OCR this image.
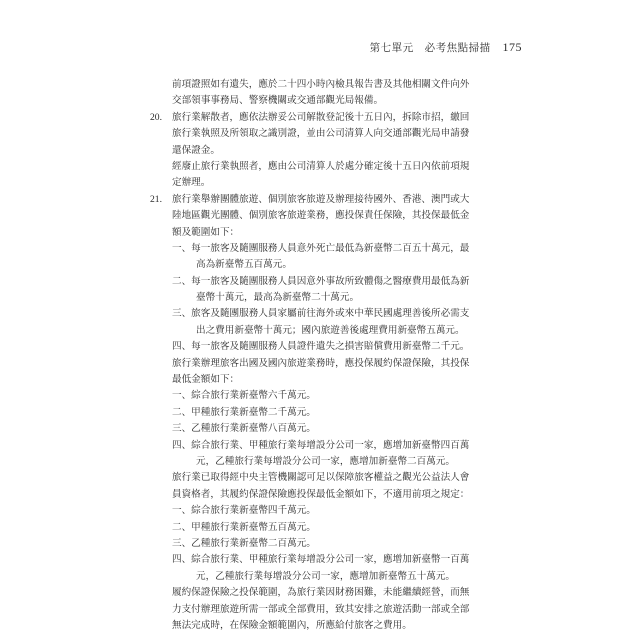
第七單元　必考焦點掃描 175
前項證照如有遺失，應於二十四小時內檢具報告書及其他相關文件向外
交部領事事務局、警察機關或交通部觀光局報備。
20. 旅行業解散者，應依法辦妥公司解散登記後十五日內，拆除市招，繳回
旅行業執照及所領取之識別證，並由公司清算人向交通部觀光局申請發
還保證金。
經廢止旅行業執照者，應由公司清算人於處分確定後十五日內依前項規
定辦理。
21. 旅行業舉辦團體旅遊、個別旅客旅遊及辦理接待國外、香港、澳門或大
陸地區觀光團體、個別旅客旅遊業務，應投保責任保險，其投保最低金
額及範圍如下：
一、每一旅客及隨團服務人員意外死亡最低為新臺幣二百五十萬元，最
高為新臺幣五百萬元。
二、每一旅客及隨團服務人員因意外事故所致體傷之醫療費用最低為新
臺幣十萬元，最高為新臺幣二十萬元。
三、旅客及隨團服務人員家屬前往海外或來中華民國處理善後所必需支
出之費用新臺幣十萬元；國內旅遊善後處理費用新臺幣五萬元。
四、每一旅客及隨團服務人員證件遺失之損害賠償費用新臺幣二千元。
旅行業辦理旅客出國及國內旅遊業務時，應投保履約保證保險，其投保
最低金額如下：
一、綜合旅行業新臺幣六千萬元。
二、甲種旅行業新臺幣二千萬元。
三、乙種旅行業新臺幣八百萬元。
四、綜合旅行業、甲種旅行業每增設分公司一家，應增加新臺幣四百萬
元，乙種旅行業每增設分公司一家，應增加新臺幣二百萬元。
旅行業已取得經中央主管機關認可足以保障旅客權益之觀光公益法人會
員資格者，其履約保證保險應投保最低金額如下，不適用前項之規定：
一、綜合旅行業新臺幣四千萬元。
二、甲種旅行業新臺幣五百萬元。
三、乙種旅行業新臺幣二百萬元。
四、綜合旅行業、甲種旅行業每增設分公司一家，應增加新臺幣一百萬
元，乙種旅行業每增設分公司一家，應增加新臺幣五十萬元。
履約保證保險之投保範圍，為旅行業因財務困難，未能繼續經營，而無
力支付辦理旅遊所需一部或全部費用，致其安排之旅遊活動一部或全部
無法完成時，在保險金額範圍內，所應給付旅客之費用。
